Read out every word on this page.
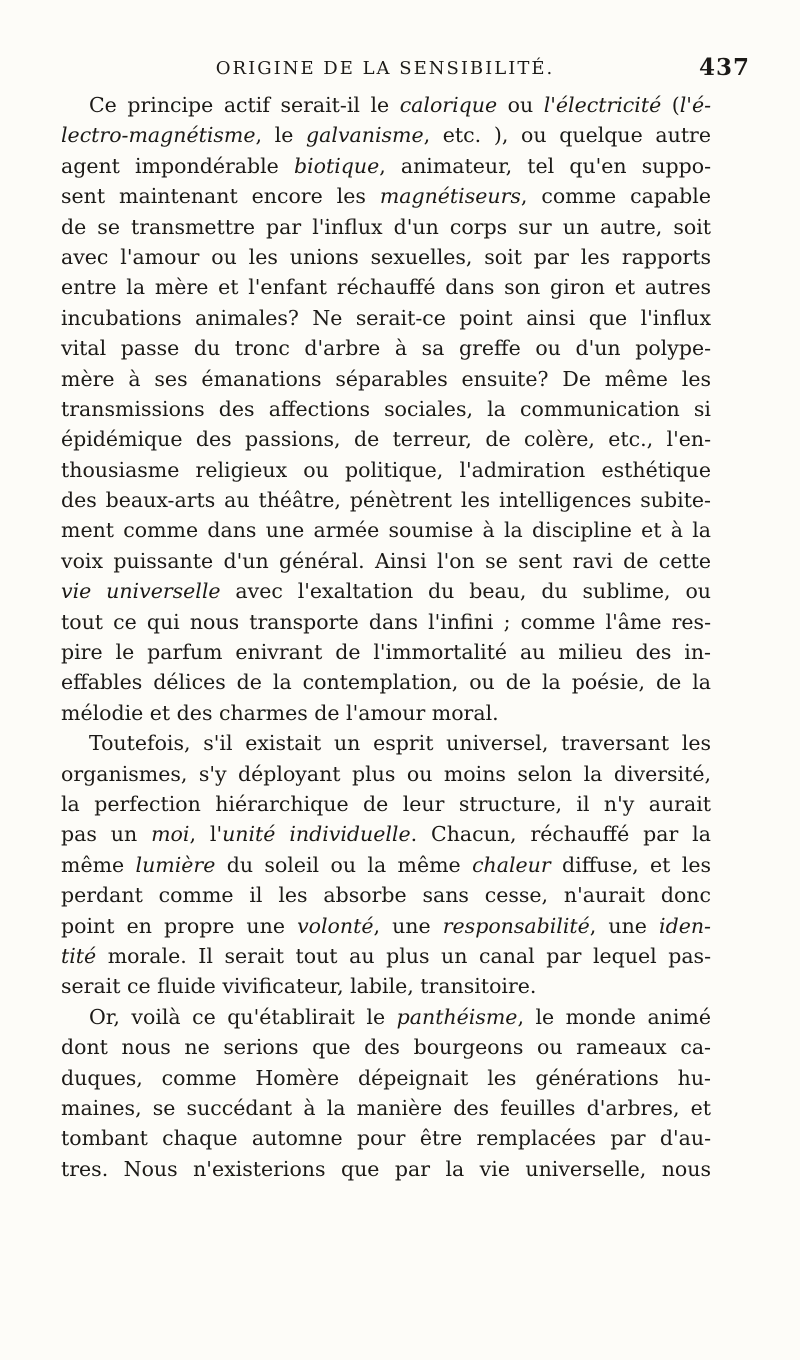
ORIGINE DE LA SENSIBILITÉ.	437
Ce principe actif serait-il le calorique ou l'électricité (l'é-
lectro-magnétisme, le galvanisme, etc. ), ou quelque autre
agent impondérable biotique, animateur, tel qu'en suppo-
sent maintenant encore les magnétiseurs, comme capable
de se transmettre par l'influx d'un corps sur un autre, soit
avec l'amour ou les unions sexuelles, soit par les rapports
entre la mère et l'enfant réchauffé dans son giron et autres
incubations animales? Ne serait-ce point ainsi que l'influx
vital passe du tronc d'arbre à sa greffe ou d'un polype-
mère à ses émanations séparables ensuite? De même les
transmissions des affections sociales, la communication si
épidémique des passions, de terreur, de colère, etc., l'en-
thousiasme religieux ou politique, l'admiration esthétique
des beaux-arts au théâtre, pénètrent les intelligences subite-
ment comme dans une armée soumise à la discipline et à la
voix puissante d'un général. Ainsi l'on se sent ravi de cette
vie universelle avec l'exaltation du beau, du sublime, ou
tout ce qui nous transporte dans l'infini ; comme l'âme res-
pire le parfum enivrant de l'immortalité au milieu des in-
effables délices de la contemplation, ou de la poésie, de la
mélodie et des charmes de l'amour moral.
Toutefois, s'il existait un esprit universel, traversant les
organismes, s'y déployant plus ou moins selon la diversité,
la perfection hiérarchique de leur structure, il n'y aurait
pas un moi, l'unité individuelle. Chacun, réchauffé par la
même lumière du soleil ou la même chaleur diffuse, et les
perdant comme il les absorbe sans cesse, n'aurait donc
point en propre une volonté, une responsabilité, une iden-
tité morale. Il serait tout au plus un canal par lequel pas-
serait ce fluide vivificateur, labile, transitoire.
Or, voilà ce qu'établirait le panthéisme, le monde animé
dont nous ne serions que des bourgeons ou rameaux ca-
duques, comme Homère dépeignait les générations hu-
maines, se succédant à la manière des feuilles d'arbres, et
tombant chaque automne pour être remplacées par d'au-
tres. Nous n'existerions que par la vie universelle, nous
